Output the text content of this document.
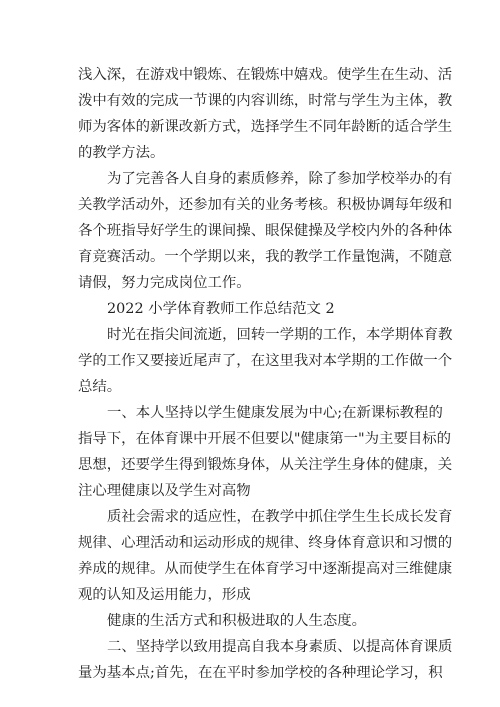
浅入深，在游戏中锻炼、在锻炼中嬉戏。使学生在生动、活
泼中有效的完成一节课的内容训练，时常与学生为主体，教
师为客体的新课改新方式，选择学生不同年龄断的适合学生
的教学方法。
为了完善各人自身的素质修养，除了参加学校举办的有
关教学活动外，还参加有关的业务考核。积极协调每年级和
各个班指导好学生的课间操、眼保健操及学校内外的各种体
育竞赛活动。一个学期以来，我的教学工作量饱满，不随意
请假，努力完成岗位工作。
2022 小学体育教师工作总结范文 2
时光在指尖间流逝，回转一学期的工作，本学期体育教
学的工作又要接近尾声了，在这里我对本学期的工作做一个
总结。
一、本人坚持以学生健康发展为中心;在新课标教程的
指导下，在体育课中开展不但要以"健康第一"为主要目标的
思想，还要学生得到锻炼身体，从关注学生身体的健康，关
注心理健康以及学生对高物
质社会需求的适应性，在教学中抓住学生生长成长发育
规律、心理活动和运动形成的规律、终身体育意识和习惯的
养成的规律。从而使学生在体育学习中逐渐提高对三维健康
观的认知及运用能力，形成
健康的生活方式和积极进取的人生态度。
二、坚持学以致用提高自我本身素质、以提高体育课质
量为基本点;首先，在在平时参加学校的各种理论学习，积
